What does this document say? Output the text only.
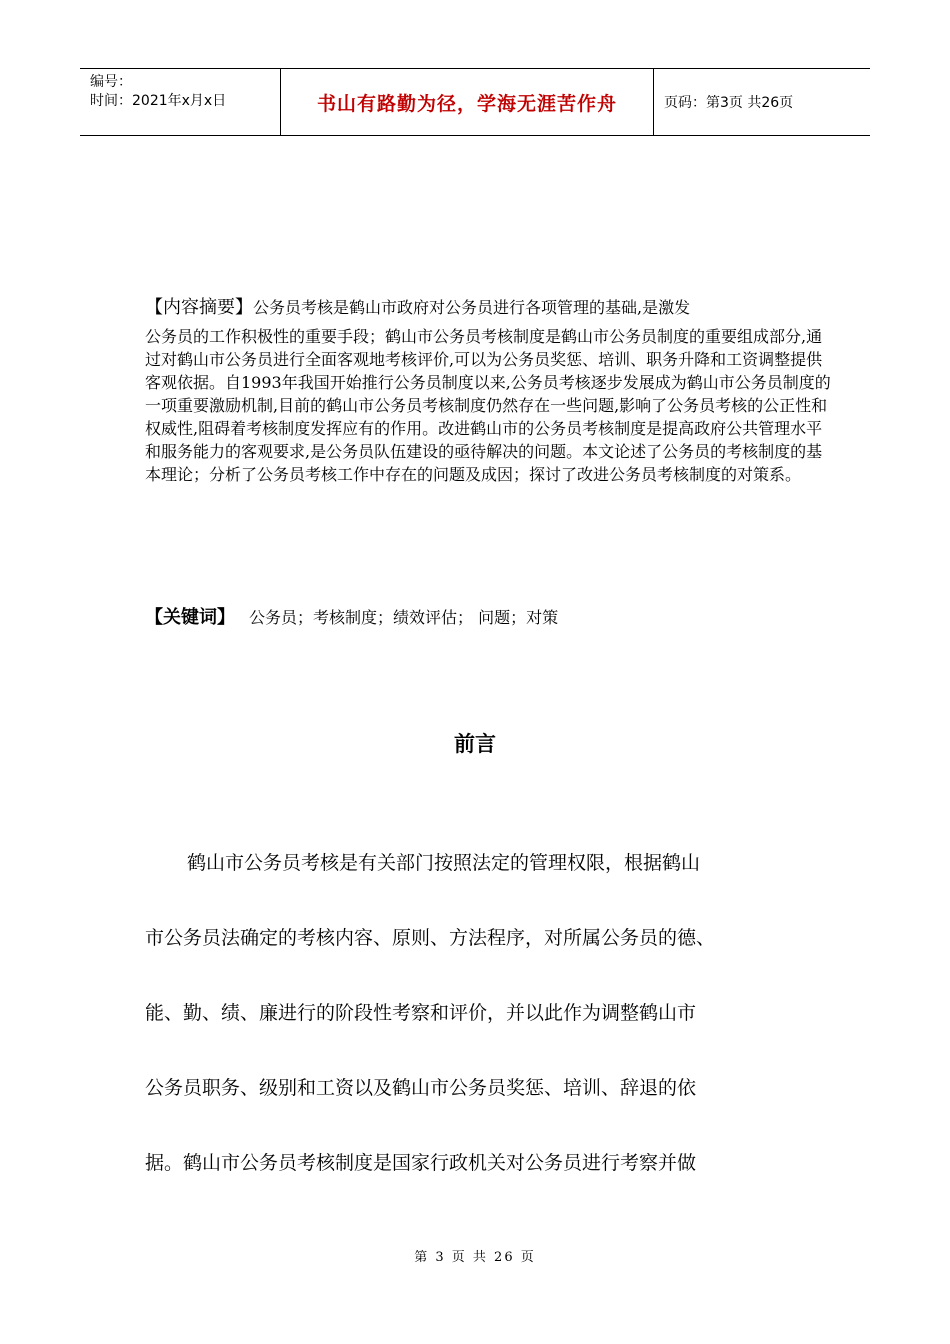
编号：
时间：2021年x月x日	书山有路勤为径，学海无涯苦作舟	页码：第3页 共26页
【内容摘要】公务员考核是鹤山市政府对公务员进行各项管理的基础,是激发
公务员的工作积极性的重要手段；鹤山市公务员考核制度是鹤山市公务员制度的重要组成部分,通过对鹤山市公务员进行全面客观地考核评价,可以为公务员奖惩、培训、职务升降和工资调整提供客观依据。自1993年我国开始推行公务员制度以来,公务员考核逐步发展成为鹤山市公务员制度的一项重要激励机制,目前的鹤山市公务员考核制度仍然存在一些问题,影响了公务员考核的公正性和权威性,阻碍着考核制度发挥应有的作用。改进鹤山市的公务员考核制度是提高政府公共管理水平和服务能力的客观要求,是公务员队伍建设的亟待解决的问题。本文论述了公务员的考核制度的基本理论；分析了公务员考核工作中存在的问题及成因；探讨了改进公务员考核制度的对策系。
【关键词】 公务员；考核制度；绩效评估； 问题；对策
前言
鹤山市公务员考核是有关部门按照法定的管理权限，根据鹤山
市公务员法确定的考核内容、原则、方法程序，对所属公务员的德、
能、勤、绩、廉进行的阶段性考察和评价，并以此作为调整鹤山市
公务员职务、级别和工资以及鹤山市公务员奖惩、培训、辞退的依
据。鹤山市公务员考核制度是国家行政机关对公务员进行考察并做
第 3 页 共 26 页
